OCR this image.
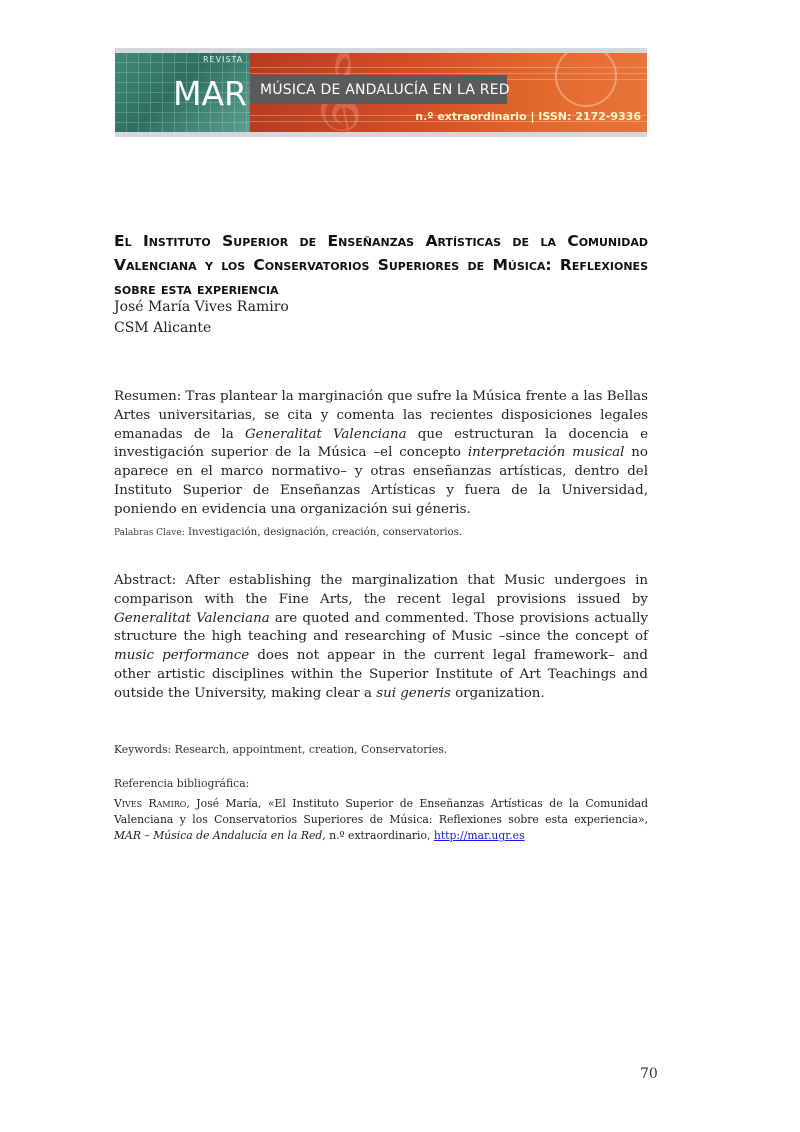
REVISTA
MAR MÚSICA DE ANDALUCÍA EN LA RED
n.º extraordinario | ISSN: 2172-9336
El Instituto Superior de Enseñanzas Artísticas de la Comunidad Valenciana y los Conservatorios Superiores de Música: Reflexiones sobre esta experiencia

José María Vives Ramiro

CSM Alicante

Resumen: Tras plantear la marginación que sufre la Música frente a las Bellas Artes universitarias, se cita y comenta las recientes disposiciones legales emanadas de la Generalitat Valenciana que estructuran la docencia e investigación superior de la Música –el concepto interpretación musical no aparece en el marco normativo– y otras enseñanzas artísticas, dentro del Instituto Superior de Enseñanzas Artísticas y fuera de la Universidad, poniendo en evidencia una organización sui géneris.

Palabras Clave: Investigación, designación, creación, conservatorios.

Abstract: After establishing the marginalization that Music undergoes in comparison with the Fine Arts, the recent legal provisions issued by Generalitat Valenciana are quoted and commented. Those provisions actually structure the high teaching and researching of Music –since the concept of music performance does not appear in the current legal framework– and other artistic disciplines within the Superior Institute of Art Teachings and outside the University, making clear a sui generis organization.

Keywords: Research, appointment, creation, Conservatories.

Referencia bibliográfica:

Vives Ramiro, José María, «El Instituto Superior de Enseñanzas Artísticas de la Comunidad Valenciana y los Conservatorios Superiores de Música: Reflexiones sobre esta experiencia», MAR – Música de Andalucía en la Red, n.º extraordinario, http://mar.ugr.es

70
